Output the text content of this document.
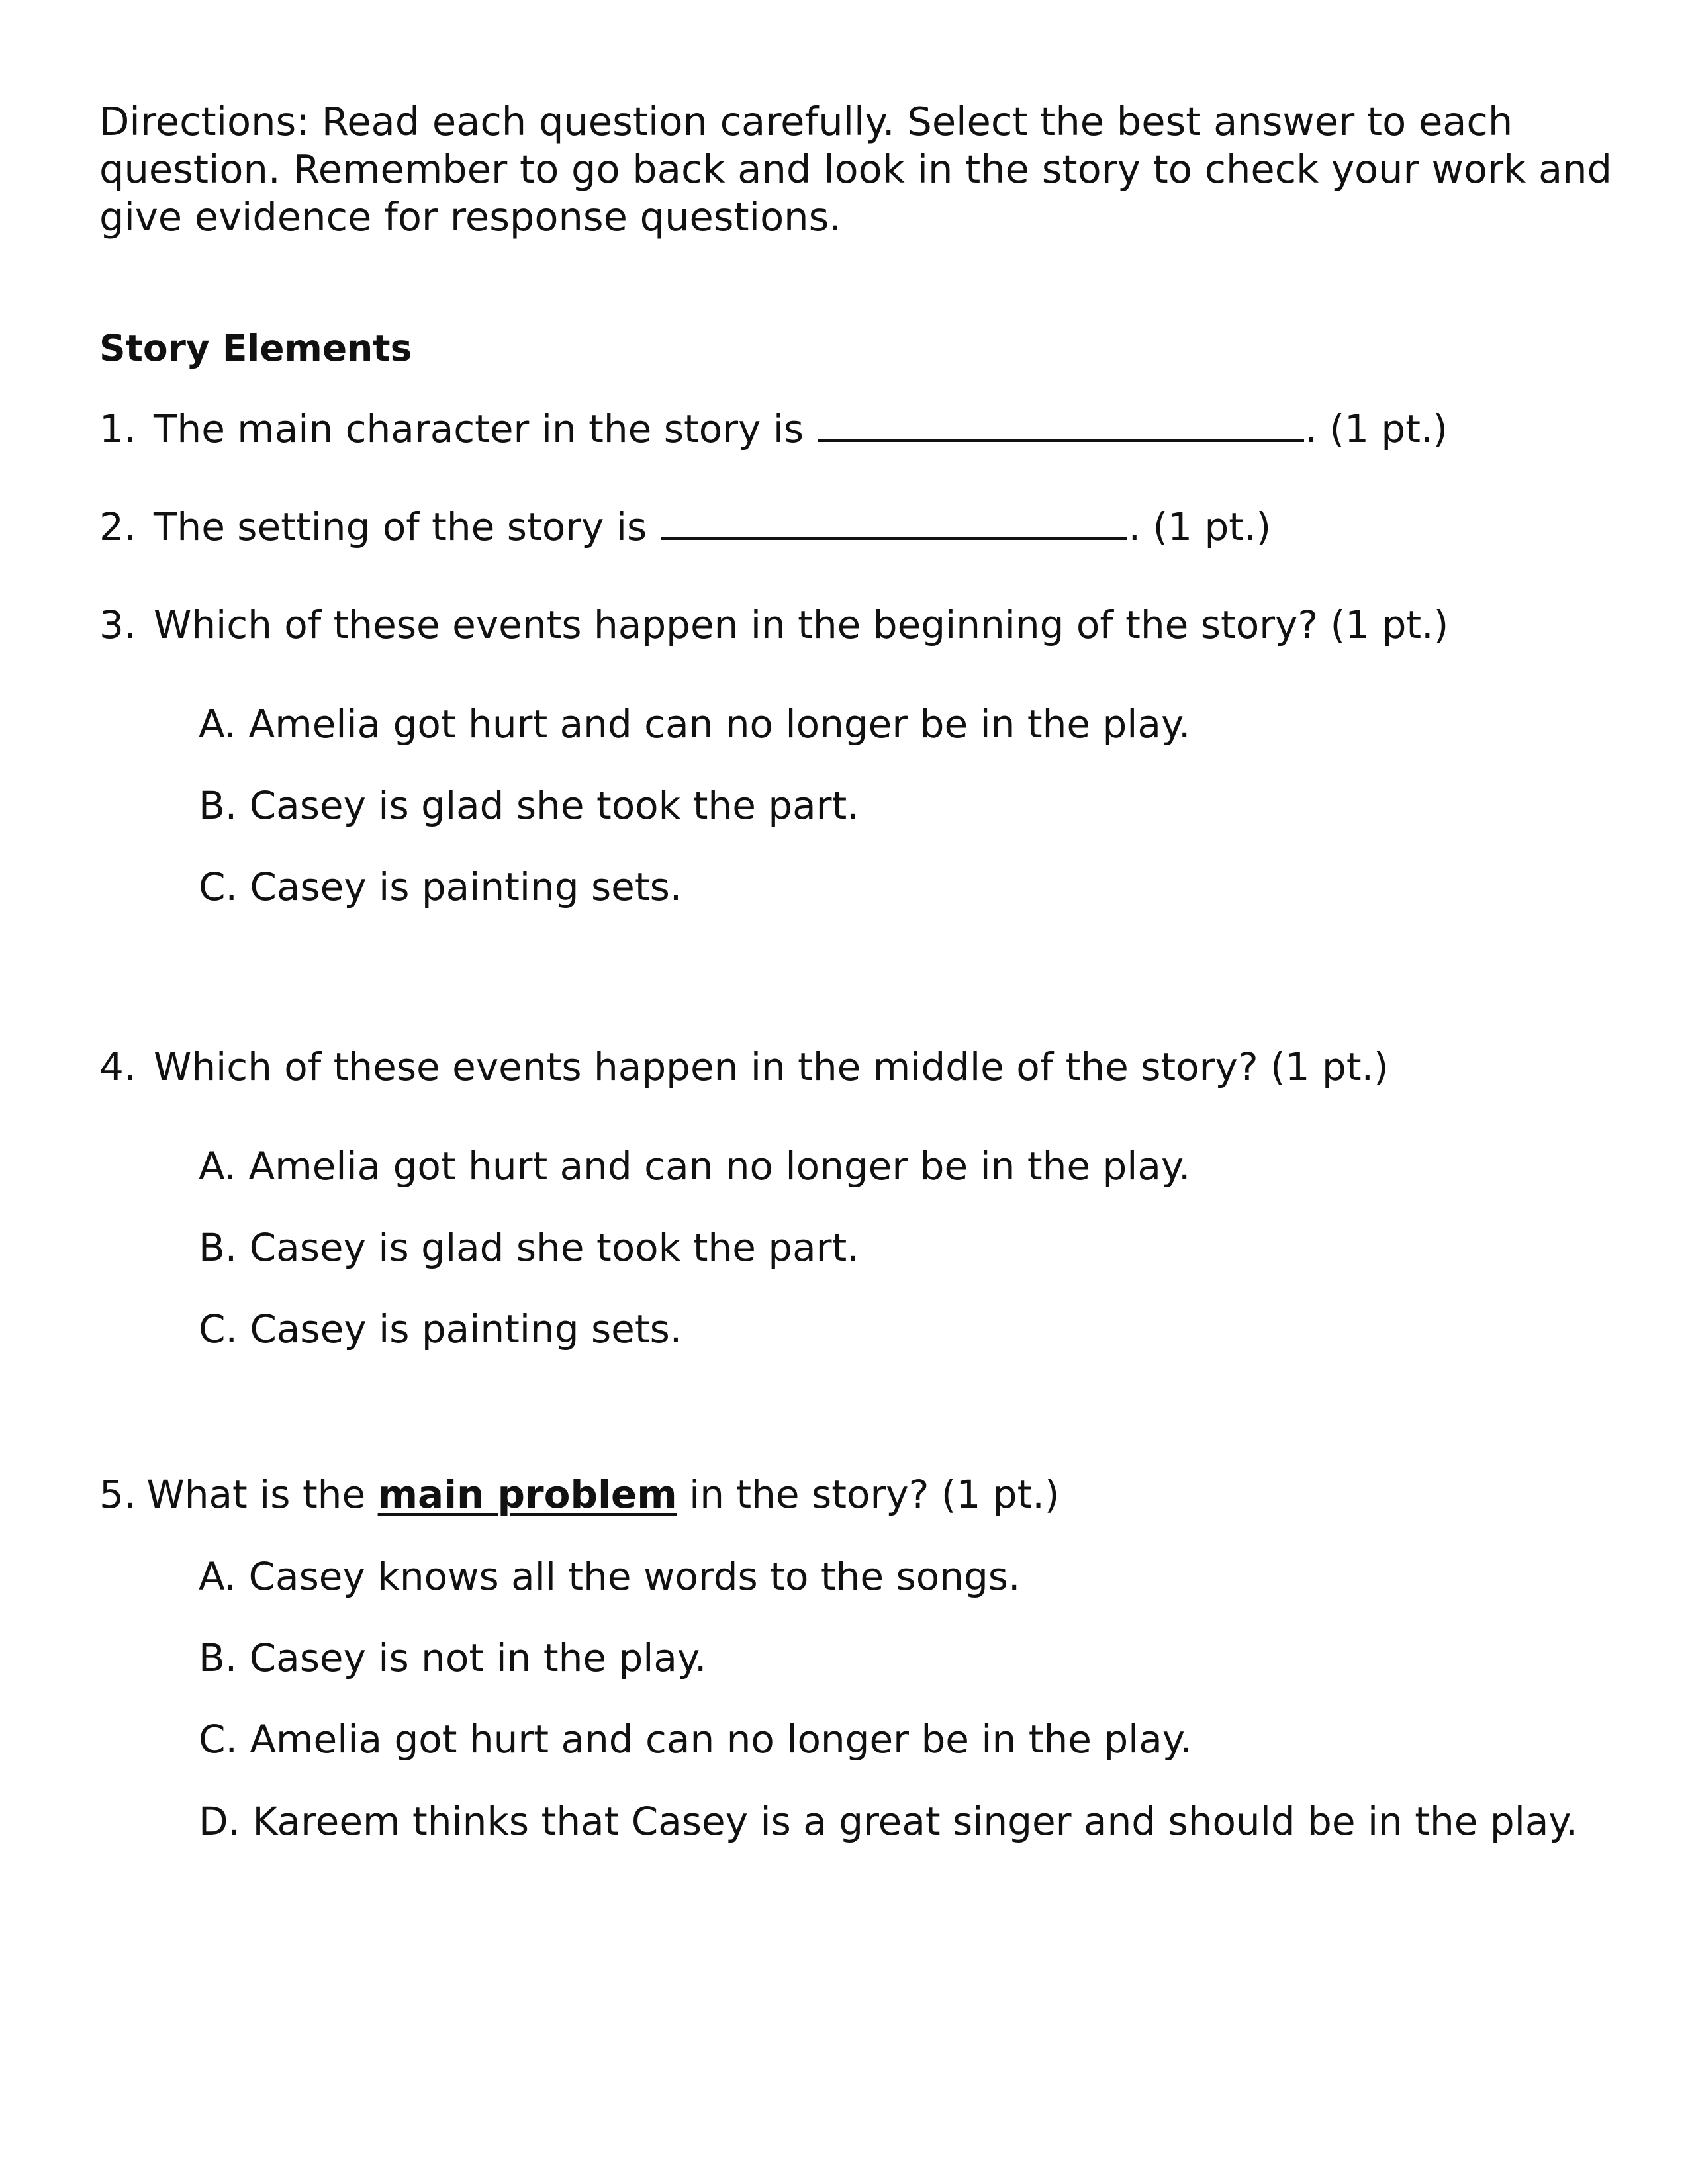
Directions: Read each question carefully. Select the best answer to each
question. Remember to go back and look in the story to check your work and
give evidence for response questions.
Story Elements
1. The main character in the story is	. (1 pt.)
2. The setting of the story is	. (1 pt.)
3. Which of these events happen in the beginning of the story? (1 pt.)
A. Amelia got hurt and can no longer be in the play.
B. Casey is glad she took the part.
C. Casey is painting sets.
4. Which of these events happen in the middle of the story? (1 pt.)
A. Amelia got hurt and can no longer be in the play.
B. Casey is glad she took the part.
C. Casey is painting sets.
5. What is the main problem in the story? (1 pt.)
A. Casey knows all the words to the songs.
B. Casey is not in the play.
C. Amelia got hurt and can no longer be in the play.
D. Kareem thinks that Casey is a great singer and should be in the play.
